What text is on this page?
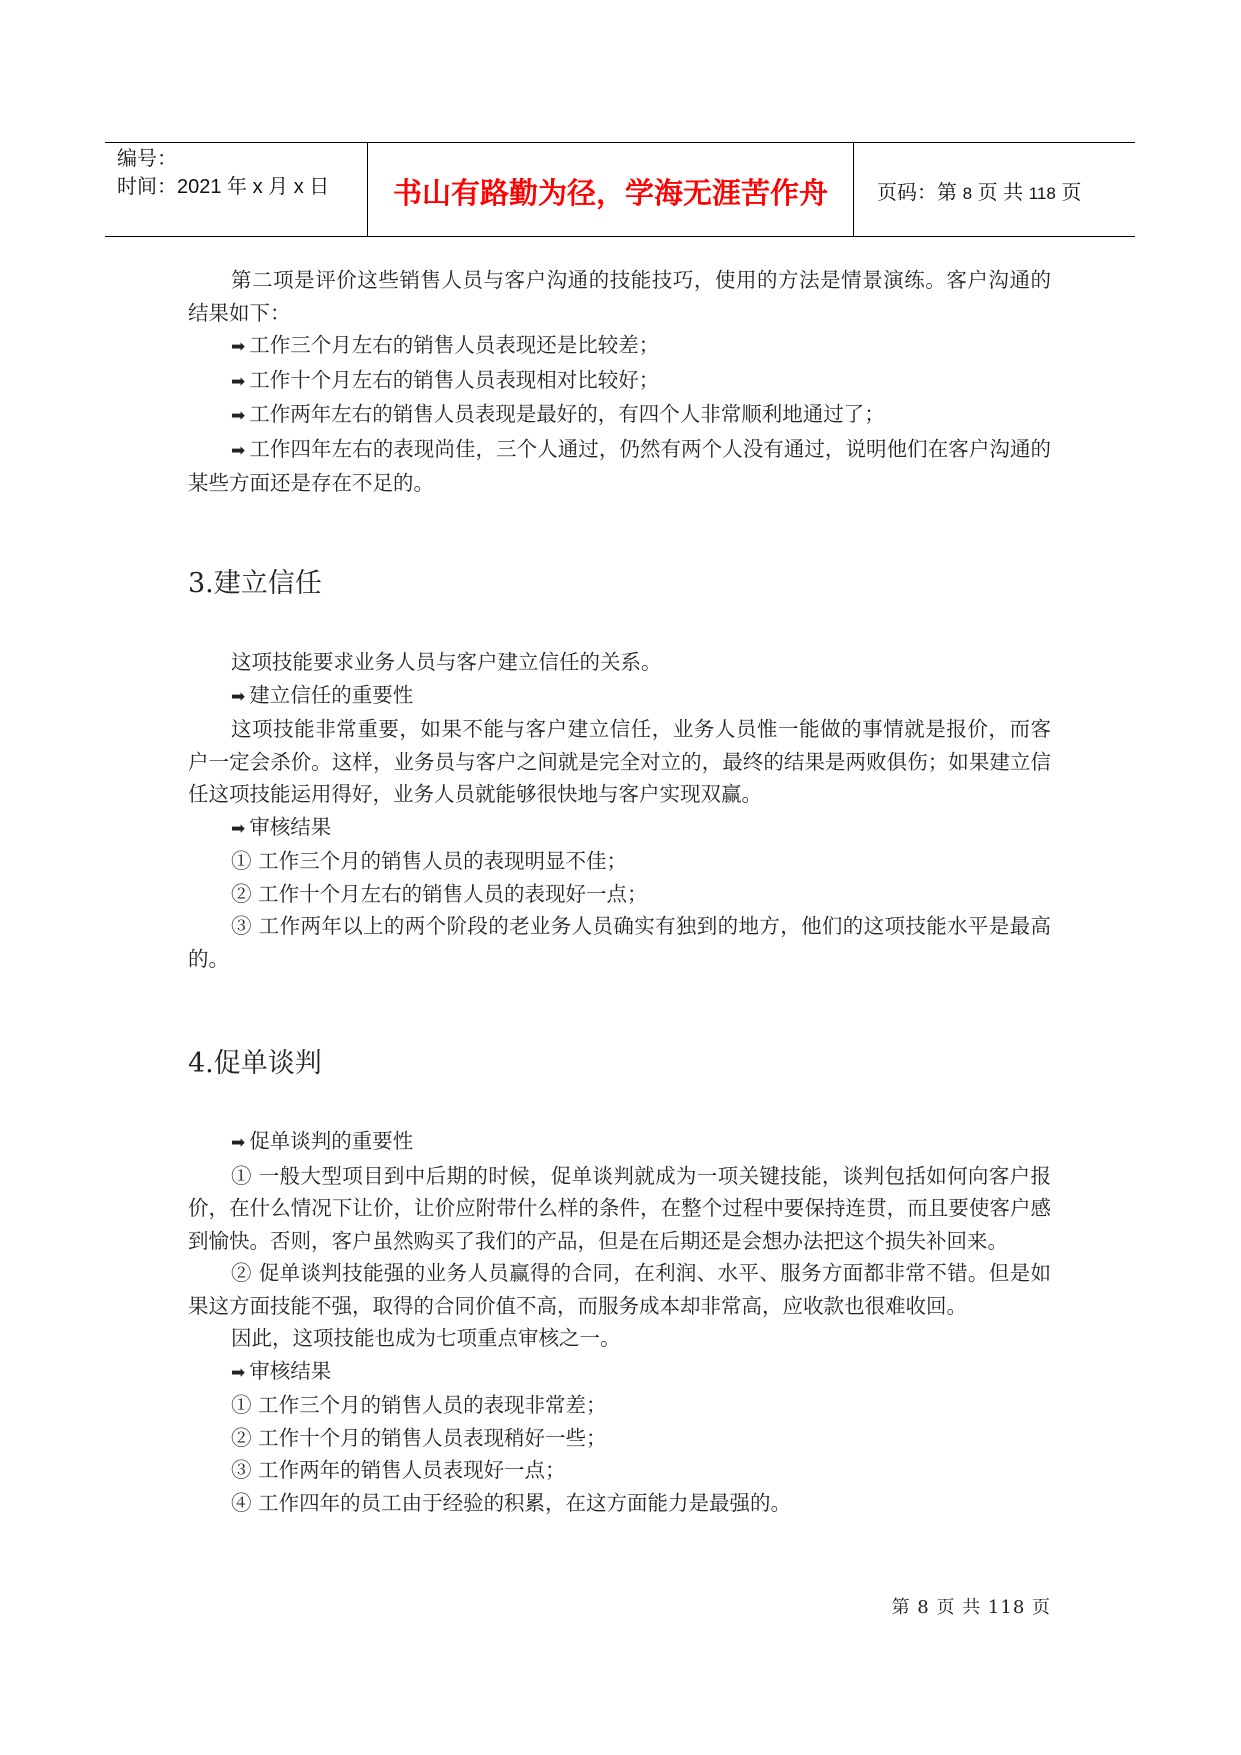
编号：
时间：2021 年 x 月 x 日	书山有路勤为径，学海无涯苦作舟	页码：第 8 页 共 118 页

第二项是评价这些销售人员与客户沟通的技能技巧，使用的方法是情景演练。客户沟通的结果如下：

➡ 工作三个月左右的销售人员表现还是比较差；

➡ 工作十个月左右的销售人员表现相对比较好；

➡ 工作两年左右的销售人员表现是最好的，有四个人非常顺利地通过了；

➡ 工作四年左右的表现尚佳，三个人通过，仍然有两个人没有通过，说明他们在客户沟通的某些方面还是存在不足的。

3.建立信任

这项技能要求业务人员与客户建立信任的关系。

➡ 建立信任的重要性

这项技能非常重要，如果不能与客户建立信任，业务人员惟一能做的事情就是报价，而客户一定会杀价。这样，业务员与客户之间就是完全对立的，最终的结果是两败俱伤；如果建立信任这项技能运用得好，业务人员就能够很快地与客户实现双赢。

➡ 审核结果

① 工作三个月的销售人员的表现明显不佳；

② 工作十个月左右的销售人员的表现好一点；

③ 工作两年以上的两个阶段的老业务人员确实有独到的地方，他们的这项技能水平是最高的。

4.促单谈判

➡ 促单谈判的重要性

① 一般大型项目到中后期的时候，促单谈判就成为一项关键技能，谈判包括如何向客户报价，在什么情况下让价，让价应附带什么样的条件，在整个过程中要保持连贯，而且要使客户感到愉快。否则，客户虽然购买了我们的产品，但是在后期还是会想办法把这个损失补回来。

② 促单谈判技能强的业务人员赢得的合同，在利润、水平、服务方面都非常不错。但是如果这方面技能不强，取得的合同价值不高，而服务成本却非常高，应收款也很难收回。

因此，这项技能也成为七项重点审核之一。

➡ 审核结果

① 工作三个月的销售人员的表现非常差；

② 工作十个月的销售人员表现稍好一些；

③ 工作两年的销售人员表现好一点；

④ 工作四年的员工由于经验的积累，在这方面能力是最强的。

第 8 页 共 118 页
